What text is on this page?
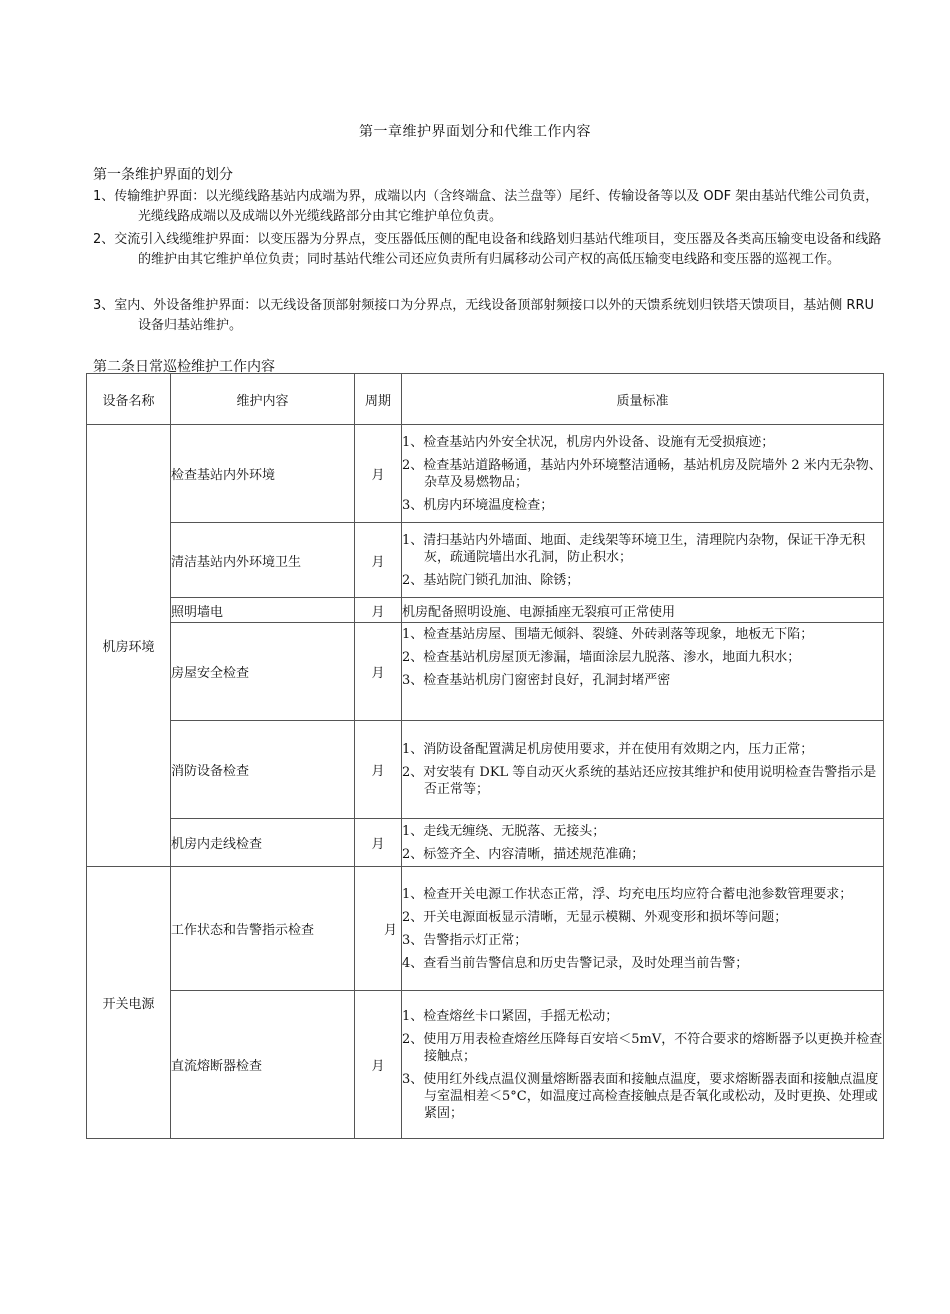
第一章维护界面划分和代维工作内容
第一条维护界面的划分
1、传输维护界面：以光缆线路基站内成端为界，成端以内（含终端盒、法兰盘等）尾纤、传输设备等以及 ODF 架由基站代维公司负责，光缆线路成端以及成端以外光缆线路部分由其它维护单位负责。
2、交流引入线缆维护界面：以变压器为分界点，变压器低压侧的配电设备和线路划归基站代维项目，变压器及各类高压输变电设备和线路的维护由其它维护单位负责；同时基站代维公司还应负责所有归属移动公司产权的高低压输变电线路和变压器的巡视工作。
3、室内、外设备维护界面：以无线设备顶部射频接口为分界点，无线设备顶部射频接口以外的天馈系统划归铁塔天馈项目，基站侧 RRU 设备归基站维护。
第二条日常巡检维护工作内容
设备名称	维护内容	周期	质量标准
机房环境	检查基站内外环境	月	1、检查基站内外安全状况，机房内外设备、设施有无受损痕迹；
2、检查基站道路畅通，基站内外环境整洁通畅，基站机房及院墙外 2 米内无杂物、杂草及易燃物品；
3、机房内环境温度检查；

	清洁基站内外环境卫生	月	1、清扫基站内外墙面、地面、走线架等环境卫生，清理院内杂物，保证干净无积灰，疏通院墙出水孔洞，防止积水；
2、基站院门锁孔加油、除锈；

	照明墙电	月	机房配备照明设施、电源插座无裂痕可正常使用

	房屋安全检查	月	1、检查基站房屋、围墙无倾斜、裂缝、外砖剥落等现象，地板无下陷；
2、检查基站机房屋顶无渗漏，墙面涂层九脱落、渗水，地面九积水；
3、检查基站机房门窗密封良好，孔洞封堵严密

	消防设备检查	月	1、消防设备配置满足机房使用要求，并在使用有效期之内，压力正常；
2、对安装有 DKL 等自动灭火系统的基站还应按其维护和使用说明检查告警指示是否正常等；

	机房内走线检查	月	1、走线无缠绕、无脱落、无接头；
2、标签齐全、内容清晰，描述规范准确；

开关电源	工作状态和告警指示检查	月	1、检查开关电源工作状态正常，浮、均充电压均应符合蓄电池参数管理要求；
2、开关电源面板显示清晰，无显示模糊、外观变形和损坏等问题；
3、告警指示灯正常；
4、查看当前告警信息和历史告警记录，及时处理当前告警；

	直流熔断器检查	月	1、检查熔丝卡口紧固，手摇无松动；
2、使用万用表检查熔丝压降每百安培＜5mV，不符合要求的熔断器予以更换并检查接触点；
3、使用红外线点温仪测量熔断器表面和接触点温度，要求熔断器表面和接触点温度与室温相差＜5°C，如温度过高检查接触点是否氧化或松动，及时更换、处理或紧固；
